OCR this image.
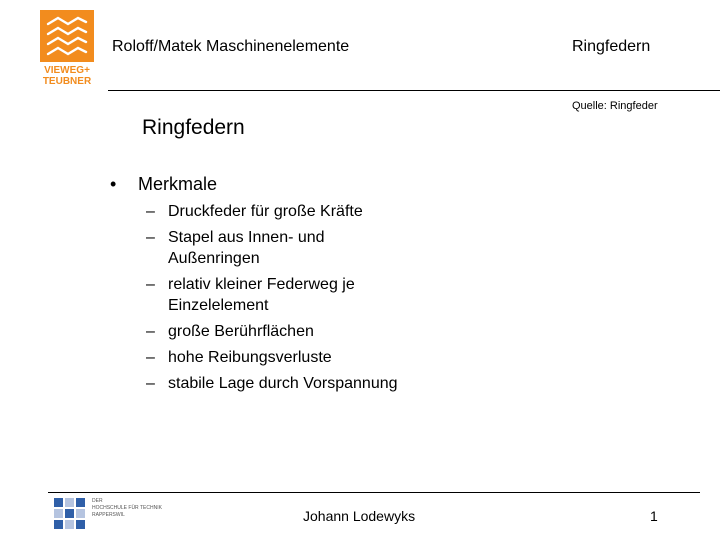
VIEWEG+
TEUBNER
Roloff/Matek Maschinenelemente	Ringfedern
Quelle: Ringfeder
Ringfedern
• Merkmale
– Druckfeder für große Kräfte
– Stapel aus Innen- und Außenringen
– relativ kleiner Federweg je Einzelelement
– große Berührflächen
– hohe Reibungsverluste
– stabile Lage durch Vorspannung
DER
HOCHSCHULE FÜR TECHNIK
RAPPERSWIL	Johann Lodewyks	1
